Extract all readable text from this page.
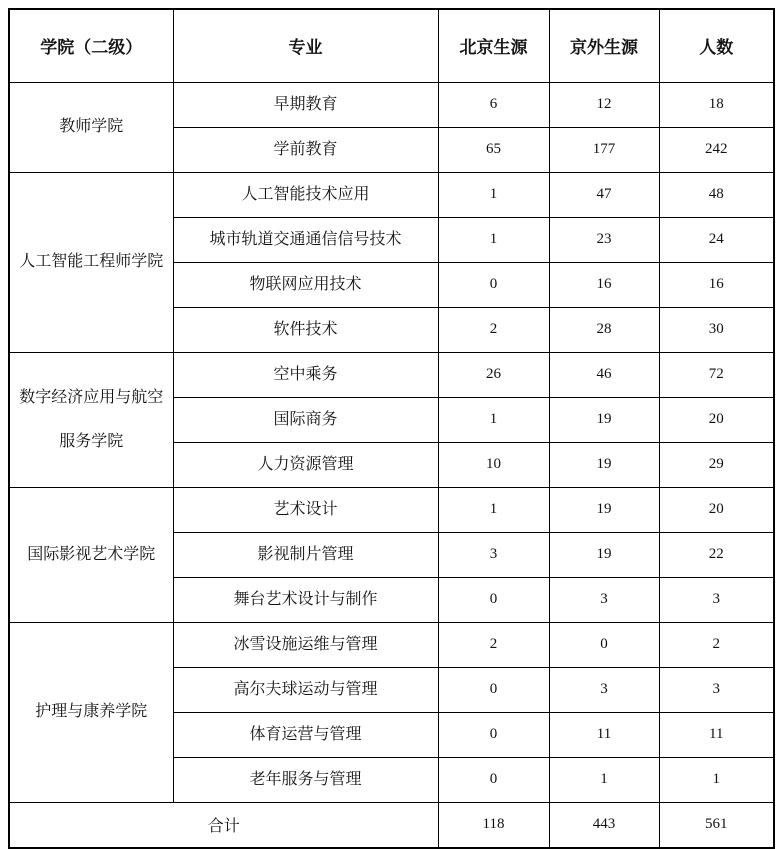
学院（二级）	专业	北京生源	京外生源	人数
教师学院	早期教育	6	12	18
	学前教育	65	177	242
人工智能工程师学院	人工智能技术应用	1	47	48
	城市轨道交通通信信号技术	1	23	24
	物联网应用技术	0	16	16
	软件技术	2	28	30
数字经济应用与航空服务学院	空中乘务	26	46	72
	国际商务	1	19	20
	人力资源管理	10	19	29
国际影视艺术学院	艺术设计	1	19	20
	影视制片管理	3	19	22
	舞台艺术设计与制作	0	3	3
护理与康养学院	冰雪设施运维与管理	2	0	2
	高尔夫球运动与管理	0	3	3
	体育运营与管理	0	11	11
	老年服务与管理	0	1	1
合计		118	443	561
